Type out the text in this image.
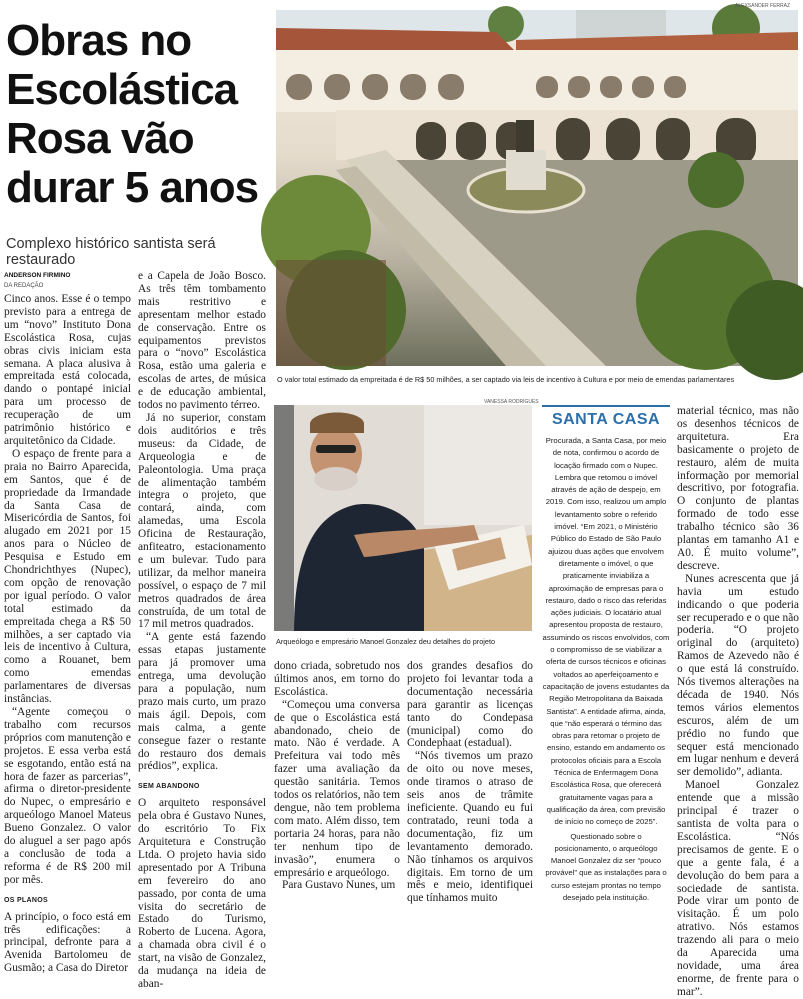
Obras no Escolástica Rosa vão durar 5 anos
Complexo histórico santista será restaurado
ANDERSON FIRMINO
DA REDAÇÃO

Cinco anos. Esse é o tempo previsto para a entrega de um “novo” Instituto Dona Escolástica Rosa, cujas obras civis iniciam esta semana. A placa alusiva à empreitada está colocada, dando o pontapé inicial para um processo de recuperação de um patrimônio histórico e arquitetônico da Cidade.

O espaço de frente para a praia no Bairro Aparecida, em Santos, que é de propriedade da Irmandade da Santa Casa de Misericórdia de Santos, foi alugado em 2021 por 15 anos para o Núcleo de Pesquisa e Estudo em Chondrichthyes (Nupec), com opção de renovação por igual período. O valor total estimado da empreitada chega a R$ 50 milhões, a ser captado via leis de incentivo à Cultura, como a Rouanet, bem como emendas parlamentares de diversas instâncias.

“Agente começou o trabalho com recursos próprios com manutenção e projetos. E essa verba está se esgotando, então está na hora de fazer as parcerias”, afirma o diretor-presidente do Nupec, o empresário e arqueólogo Manoel Mateus Bueno Gonzalez. O valor do aluguel a ser pago após a conclusão de toda a reforma é de R$ 200 mil por mês.

OS PLANOS

A princípio, o foco está em três edificações: a principal, defronte para a Avenida Bartolomeu de Gusmão; a Casa do Diretor

e a Capela de João Bosco. As três têm tombamento mais restritivo e apresentam melhor estado de conservação. Entre os equipamentos previstos para o “novo” Escolástica Rosa, estão uma galeria e escolas de artes, de música e de educação ambiental, todos no pavimento térreo.

Já no superior, constam dois auditórios e três museus: da Cidade, de Arqueologia e de Paleontologia. Uma praça de alimentação também integra o projeto, que contará, ainda, com alamedas, uma Escola Oficina de Restauração, anfiteatro, estacionamento e um bulevar. Tudo para utilizar, da melhor maneira possível, o espaço de 7 mil metros quadrados de área construída, de um total de 17 mil metros quadrados.

“A gente está fazendo essas etapas justamente para já promover uma entrega, uma devolução para a população, num prazo mais curto, um prazo mais ágil. Depois, com mais calma, a gente consegue fazer o restante do restauro dos demais prédios”, explica.

SEM ABANDONO

O arquiteto responsável pela obra é Gustavo Nunes, do escritório To Fix Arquitetura e Construção Ltda. O projeto havia sido apresentado por A Tribuna em fevereiro do ano passado, por conta de uma visita do secretário de Estado do Turismo, Roberto de Lucena. Agora, a chamada obra civil é o start, na visão de Gonzalez, da mudança na ideia de aban-

ALEXSANDER FERRAZ
O valor total estimado da empreitada é de R$ 50 milhões, a ser captado via leis de incentivo à Cultura e por meio de emendas parlamentares
VANESSA RODRIGUES
Arqueólogo e empresário Manoel Gonzalez deu detalhes do projeto

dono criada, sobretudo nos últimos anos, em torno do Escolástica.

“Começou uma conversa de que o Escolástica está abandonado, cheio de mato. Não é verdade. A Prefeitura vai todo mês fazer uma avaliação da questão sanitária. Temos todos os relatórios, não tem dengue, não tem problema com mato. Além disso, tem portaria 24 horas, para não ter nenhum tipo de invasão”, enumera o empresário e arqueólogo.

Para Gustavo Nunes, um

dos grandes desafios do projeto foi levantar toda a documentação necessária para garantir as licenças tanto do Condepasa (municipal) como do Condephaat (estadual).

“Nós tivemos um prazo de oito ou nove meses, onde tiramos o atraso de seis anos de trâmite ineficiente. Quando eu fui contratado, reuni toda a documentação, fiz um levantamento demorado. Não tínhamos os arquivos digitais. Em torno de um mês e meio, identifiquei que tínhamos muito

SANTA CASA

Procurada, a Santa Casa, por meio de nota, confirmou o acordo de locação firmado com o Nupec. Lembra que retomou o imóvel através de ação de despejo, em 2019. Com isso, realizou um amplo levantamento sobre o referido imóvel. “Em 2021, o Ministério Público do Estado de São Paulo ajuizou duas ações que envolvem diretamente o imóvel, o que praticamente inviabiliza a aproximação de empresas para o restauro, dado o risco das referidas ações judiciais. O locatário atual apresentou proposta de restauro, assumindo os riscos envolvidos, com o compromisso de se viabilizar a oferta de cursos técnicos e oficinas voltados ao aperfeiçoamento e capacitação de jovens estudantes da Região Metropolitana da Baixada Santista”. A entidade afirma, ainda, que “não esperará o término das obras para retomar o projeto de ensino, estando em andamento os protocolos oficiais para a Escola Técnica de Enfermagem Dona Escolástica Rosa, que oferecerá gratuitamente vagas para a qualificação da área, com previsão de início no começo de 2025”.

Questionado sobre o posicionamento, o arqueólogo Manoel Gonzalez diz ser “pouco provável” que as instalações para o curso estejam prontas no tempo desejado pela instituição.

material técnico, mas não os desenhos técnicos de arquitetura. Era basicamente o projeto de restauro, além de muita informação por memorial descritivo, por fotografia. O conjunto de plantas formado de todo esse trabalho técnico são 36 plantas em tamanho A1 e A0. É muito volume”, descreve.

Nunes acrescenta que já havia um estudo indicando o que poderia ser recuperado e o que não poderia. “O projeto original do (arquiteto) Ramos de Azevedo não é o que está lá construído. Nós tivemos alterações na década de 1940. Nós temos vários elementos escuros, além de um prédio no fundo que sequer está mencionado em lugar nenhum e deverá ser demolido”, adianta.

Manoel Gonzalez entende que a missão principal é trazer o santista de volta para o Escolástica. “Nós precisamos de gente. E o que a gente fala, é a devolução do bem para a sociedade de santista. Pode virar um ponto de visitação. É um polo atrativo. Nós estamos trazendo ali para o meio da Aparecida uma novidade, uma área enorme, de frente para o mar”.
